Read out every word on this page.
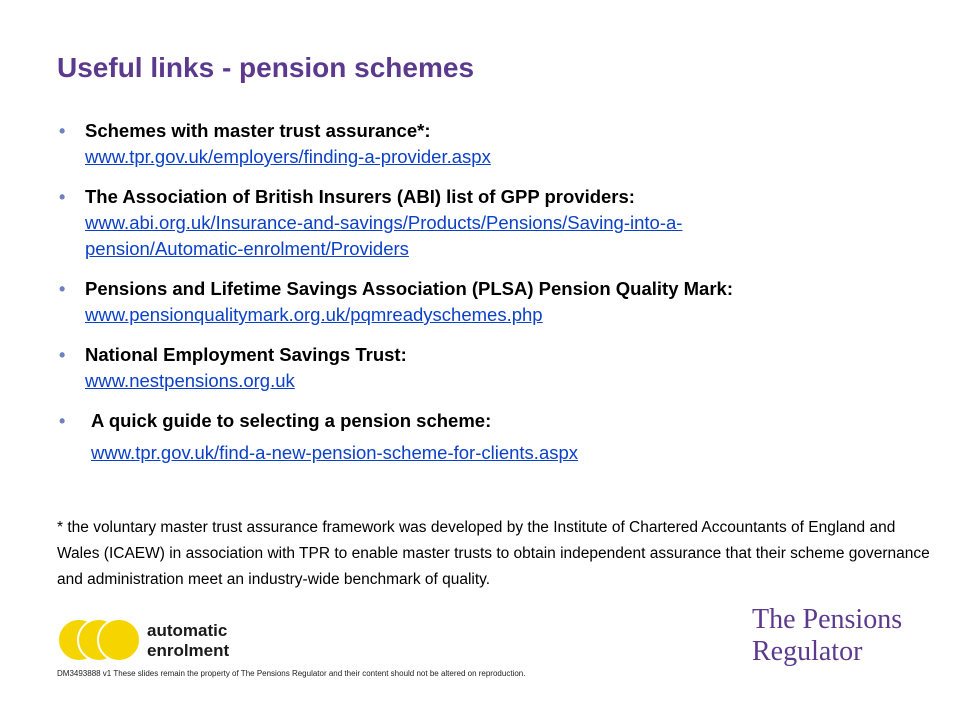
Useful links - pension schemes
• Schemes with master trust assurance*:
www.tpr.gov.uk/employers/finding-a-provider.aspx
• The Association of British Insurers (ABI) list of GPP providers:
www.abi.org.uk/Insurance-and-savings/Products/Pensions/Saving-into-a-
pension/Automatic-enrolment/Providers
• Pensions and Lifetime Savings Association (PLSA) Pension Quality Mark:
www.pensionqualitymark.org.uk/pqmreadyschemes.php
• National Employment Savings Trust:
www.nestpensions.org.uk
•	A quick guide to selecting a pension scheme:
www.tpr.gov.uk/find-a-new-pension-scheme-for-clients.aspx
* the voluntary master trust assurance framework was developed by the Institute of Chartered Accountants of England and Wales (ICAEW) in association with TPR to enable master trusts to obtain independent assurance that their scheme governance and administration meet an industry-wide benchmark of quality.
automatic
enrolment
The Pensions
Regulator
DM3493888 v1 These slides remain the property of The Pensions Regulator and their content should not be altered on reproduction.
